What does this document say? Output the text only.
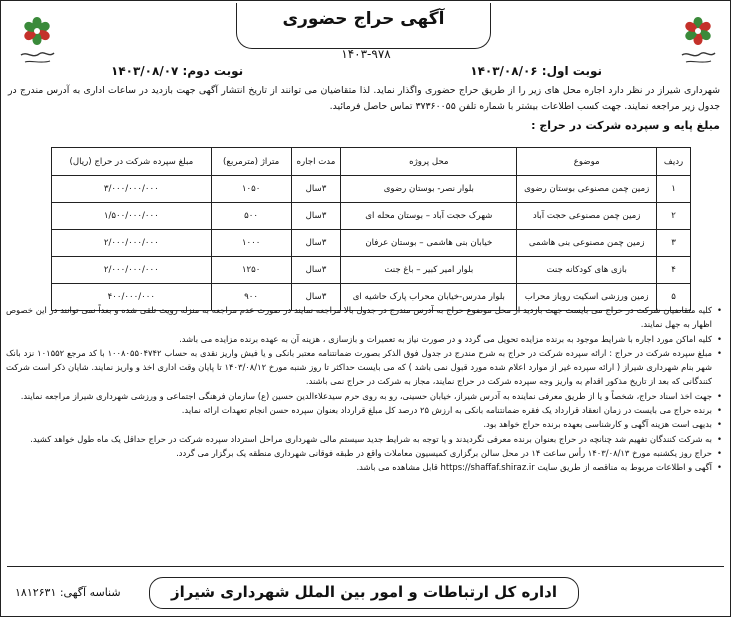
آگهی حراج حضوری
۱۴۰۳-۹۷۸
نوبت اول: ۱۴۰۳/۰۸/۰۶
نوبت دوم: ۱۴۰۳/۰۸/۰۷

شهرداری شیراز در نظر دارد اجاره محل های زیر را از طریق حراج حضوری واگذار نماید. لذا متقاضیان می توانند از تاریخ انتشار آگهی جهت بازدید در ساعات اداری به آدرس مندرج در جدول زیر مراجعه نمایند. جهت کسب اطلاعات بیشتر با شماره تلفن ۳۷۳۶۰۰۵۵ تماس حاصل فرمائید.

مبلغ پایه و سپرده شرکت در حراج :
ردیف	موضوع	محل پروژه	مدت اجاره	متراژ (مترمربع)	مبلغ سپرده شرکت در حراج (ریال)
۱	زمین چمن مصنوعی بوستان رضوی	بلوار نصر- بوستان رضوی	۳سال	۱۰۵۰	۳/۰۰۰/۰۰۰/۰۰۰
۲	زمین چمن مصنوعی حجت آباد	شهرک حجت آباد – بوستان محله ای	۳سال	۵۰۰	۱/۵۰۰/۰۰۰/۰۰۰
۳	زمین چمن مصنوعی بنی هاشمی	خیابان بنی هاشمی – بوستان عرفان	۳سال	۱۰۰۰	۲/۰۰۰/۰۰۰/۰۰۰
۴	بازی های کودکانه جنت	بلوار امیر کبیر – باغ جنت	۳سال	۱۲۵۰	۲/۰۰۰/۰۰۰/۰۰۰
۵	زمین ورزشی اسکیت روباز محراب	بلوار مدرس-خیابان محراب پارک حاشیه ای	۳سال	۹۰۰	۴۰۰/۰۰۰/۰۰۰
•
کلیه متقاضیان شرکت در حراج می بایست جهت بازدید از محل موضوع حراج به آدرس مندرج در جدول بالا مراجعه نمایند در صورت عدم مراجعه به منزله رویت تلقی شده و بعداً نمی توانند در این خصوص اظهار به جهل نمایند.
•
کلیه اماکن مورد اجاره با شرایط موجود به برنده مزایده تحویل می گردد و در صورت نیاز به تعمیرات و بازسازی ، هزینه آن به عهده برنده مزایده می باشد.
•
مبلغ سپرده شرکت در حراج : ارائه سپرده شرکت در حراج به شرح مندرج در جدول فوق الذکر بصورت ضمانتنامه معتبر بانکی و یا فیش واریز نقدی به حساب ۱۰۰۸۰۵۵۰۴۷۴۲ با کد مرجع ۱۰۱۵۵۲ نزد بانک شهر بنام شهرداری شیراز ( ارائه سپرده غیر از موارد اعلام شده مورد قبول نمی باشد ) که می بایست حداکثر تا روز شنبه مورخ ۱۴۰۳/۰۸/۱۲ تا پایان وقت اداری اخذ و واریز نمایند. شایان ذکر است شرکت کنندگانی که بعد از تاریخ مذکور اقدام به واریز وجه سپرده شرکت در حراج نمایند، مجاز به شرکت در حراج نمی باشند.
•
جهت اخذ اسناد حراج، شخصاً و یا از طریق معرفی نماینده به آدرس شیراز، خیابان حسینی، رو به روی حرم سیدعلاءالدین حسین (ع) سازمان فرهنگی اجتماعی و ورزشی شهرداری شیراز مراجعه نمایند.
•
برنده حراج می بایست در زمان انعقاد قرارداد یک فقره ضمانتنامه بانکی به ارزش ۲۵ درصد کل مبلغ قرارداد بعنوان سپرده حسن انجام تعهدات ارائه نماید.
•
بدیهی است هزینه آگهی و کارشناسی بعهده برنده حراج خواهد بود.
•
به شرکت کنندگان تفهیم شد چنانچه در حراج بعنوان برنده معرفی نگردیدند و یا توجه به شرایط جدید سیستم مالی شهرداری مراحل استرداد سپرده شرکت در حراج حداقل یک ماه طول خواهد کشید.
•
حراج روز یکشنبه مورخ ۱۴۰۳/۰۸/۱۳ رأس ساعت ۱۴ در محل سالن برگزاری کمیسیون معاملات واقع در طبقه فوقانی شهرداری منطقه یک برگزار می گردد.
•
آگهی و اطلاعات مربوط به مناقصه از طریق سایت https://shaffaf.shiraz.ir قابل مشاهده می باشد.
اداره کل ارتباطات و امور بین الملل شهرداری شیراز
شناسه آگهی: ۱۸۱۲۶۳۱
